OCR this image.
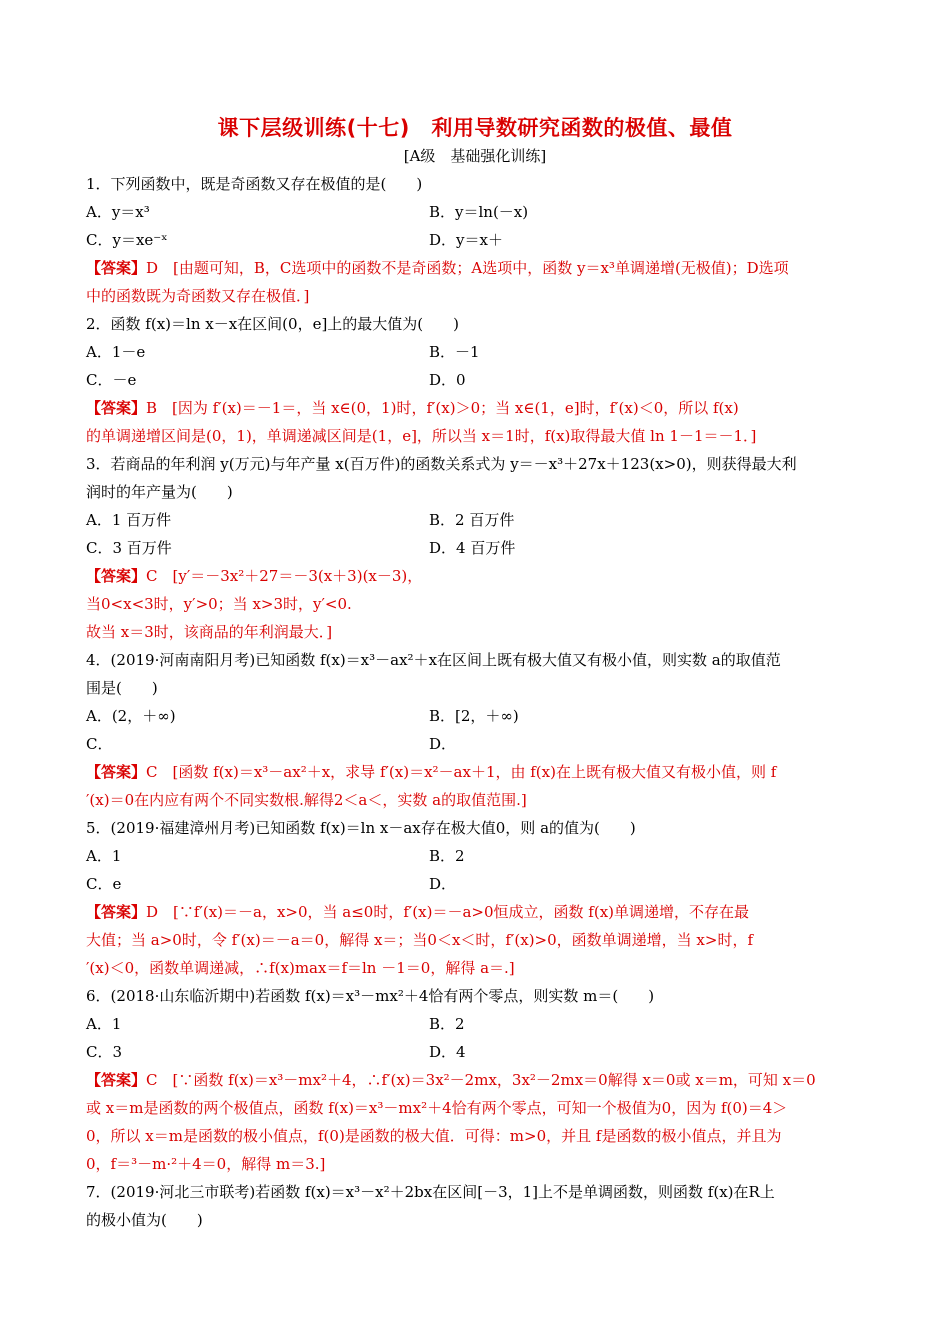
课下层级训练(十七)　利用导数研究函数的极值、最值
[A级　基础强化训练]
1．下列函数中，既是奇函数又存在极值的是(　　)
A．y＝x³	B．y＝ln(－x)
C．y＝xe⁻ˣ	D．y＝x＋
【答案】D　[由题可知，B，C选项中的函数不是奇函数；A选项中，函数 y＝x³单调递增(无极值)；D选项
中的函数既为奇函数又存在极值．]
2．函数 f(x)＝ln x－x在区间(0，e]上的最大值为(　　)
A．1－e	B．－1
C．－e	D．0
【答案】B　[因为 f′(x)＝－1＝，当 x∈(0，1)时，f′(x)＞0；当 x∈(1，e]时，f′(x)＜0，所以 f(x)
的单调递增区间是(0，1)，单调递减区间是(1，e]，所以当 x＝1时，f(x)取得最大值 ln 1－1＝－1．]
3．若商品的年利润 y(万元)与年产量 x(百万件)的函数关系式为 y＝－x³＋27x＋123(x>0)，则获得最大利
润时的年产量为(　　)
A．1 百万件	B．2 百万件
C．3 百万件	D．4 百万件
【答案】C　[y′＝－3x²＋27＝－3(x＋3)(x－3)，
当0<x<3时，y′>0；当 x>3时，y′<0.
故当 x＝3时，该商品的年利润最大．]
4．(2019·河南南阳月考)已知函数 f(x)＝x³－ax²＋x在区间上既有极大值又有极小值，则实数 a的取值范
围是(　　)
A．(2，＋∞)	B．[2，＋∞)
C．	D．
【答案】C　[函数 f(x)＝x³－ax²＋x，求导 f′(x)＝x²－ax＋1，由 f(x)在上既有极大值又有极小值，则 f
′(x)＝0在内应有两个不同实数根.解得2＜a＜，实数 a的取值范围.]
5．(2019·福建漳州月考)已知函数 f(x)＝ln x－ax存在极大值0，则 a的值为(　　)
A．1	B．2
C．e	D．
【答案】D　[∵f′(x)＝－a，x>0，当 a≤0时，f′(x)＝－a>0恒成立，函数 f(x)单调递增，不存在最
大值；当 a>0时，令 f′(x)＝－a＝0，解得 x＝；当0＜x＜时，f′(x)>0，函数单调递增，当 x>时，f
′(x)＜0，函数单调递减，∴f(x)max＝f＝ln －1＝0，解得 a＝.]
6．(2018·山东临沂期中)若函数 f(x)＝x³－mx²＋4恰有两个零点，则实数 m＝(　　)
A．1	B．2
C．3	D．4
【答案】C　[∵函数 f(x)＝x³－mx²＋4，∴f′(x)＝3x²－2mx，3x²－2mx＝0解得 x＝0或 x＝m，可知 x＝0
或 x＝m是函数的两个极值点，函数 f(x)＝x³－mx²＋4恰有两个零点，可知一个极值为0，因为 f(0)＝4＞
0，所以 x＝m是函数的极小值点，f(0)是函数的极大值．可得：m>0，并且 f是函数的极小值点，并且为
0，f＝³－m·²＋4＝0，解得 m＝3.]
7．(2019·河北三市联考)若函数 f(x)＝x³－x²＋2bx在区间[－3，1]上不是单调函数，则函数 f(x)在R上
的极小值为(　　)
